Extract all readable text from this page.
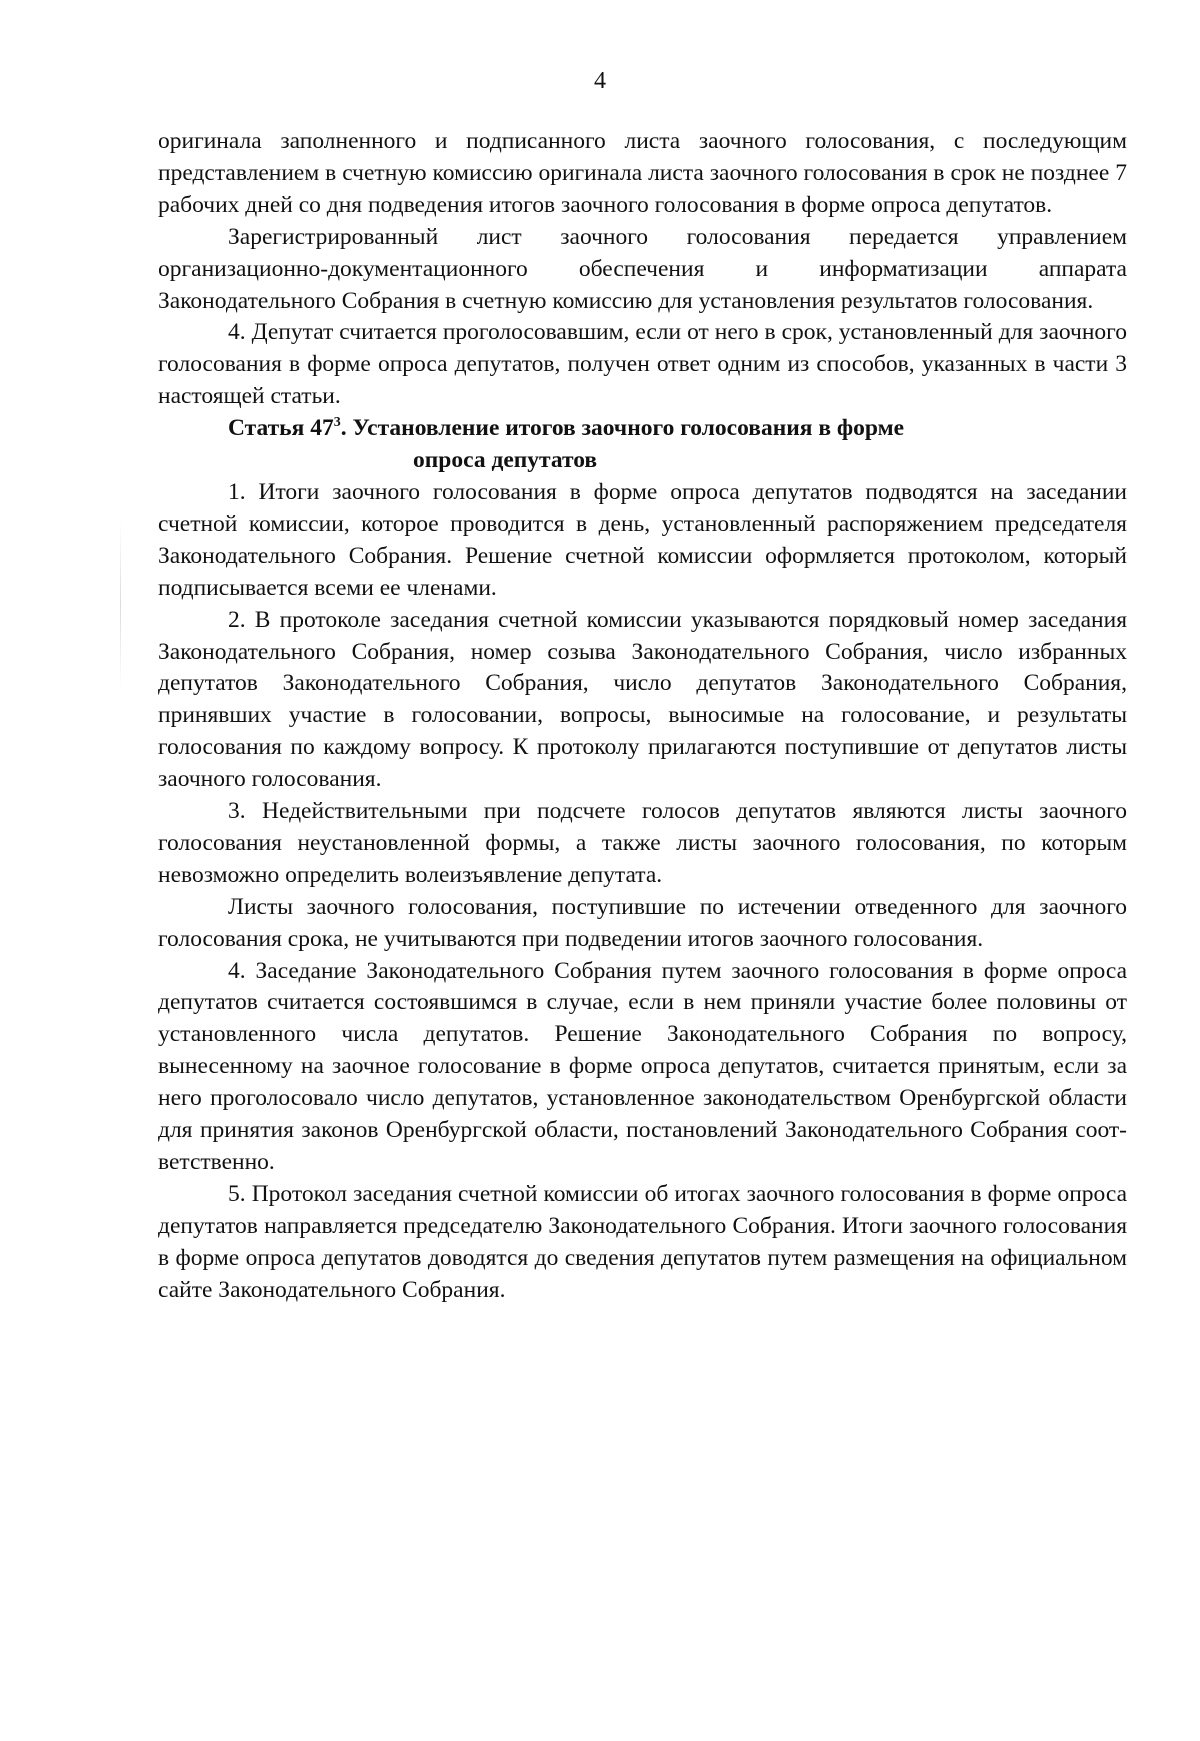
4

оригинала заполненного и подписанного листа заочного голосования, с последующим представлением в счетную комиссию оригинала листа заочного голосования в срок не позднее 7 рабочих дней со дня подведения итогов заочного голосования в форме опроса депутатов.

Зарегистрированный лист заочного голосования передается управлением организационно-документационного обеспечения и информатизации аппарата Законодательного Собрания в счетную комиссию для установления результатов голосования.

4. Депутат считается проголосовавшим, если от него в срок, установленный для заочного голосования в форме опроса депутатов, получен ответ одним из способов, указанных в части 3 настоящей статьи.

Статья $47^3$. Установление итогов заочного голосования в форме
опроса депутатов

1. Итоги заочного голосования в форме опроса депутатов подводятся на заседании счетной комиссии, которое проводится в день, установленный распоряжением председателя Законодательного Собрания. Решение счетной комиссии оформляется протоколом, который подписывается всеми ее членами.

2. В протоколе заседания счетной комиссии указываются порядковый номер заседания Законодательного Собрания, номер созыва Законодательного Собрания, число избранных депутатов Законодательного Собрания, число депутатов Законодательного Собрания, принявших участие в голосовании, вопросы, выносимые на голосование, и результаты голосования по каждому вопросу. К протоколу прилагаются поступившие от депутатов листы заочного голосования.

3. Недействительными при подсчете голосов депутатов являются листы заочного голосования неустановленной формы, а также листы заочного голосования, по которым невозможно определить волеизъявление депутата.

Листы заочного голосования, поступившие по истечении отведенного для заочного голосования срока, не учитываются при подведении итогов заочного голосования.

4. Заседание Законодательного Собрания путем заочного голосования в форме опроса депутатов считается состоявшимся в случае, если в нем приняли участие более половины от установленного числа депутатов. Решение Законодательного Собрания по вопросу, вынесенному на заочное голосование в форме опроса депутатов, считается принятым, если за него проголосовало число депутатов, установленное законодательством Оренбургской области для принятия законов Оренбургской области, постановлений Законодательного Собрания соответственно.

5. Протокол заседания счетной комиссии об итогах заочного голосования в форме опроса депутатов направляется председателю Законодательного Собрания. Итоги заочного голосования в форме опроса депутатов доводятся до сведения депутатов путем размещения на официальном сайте Законодательного Собрания.
